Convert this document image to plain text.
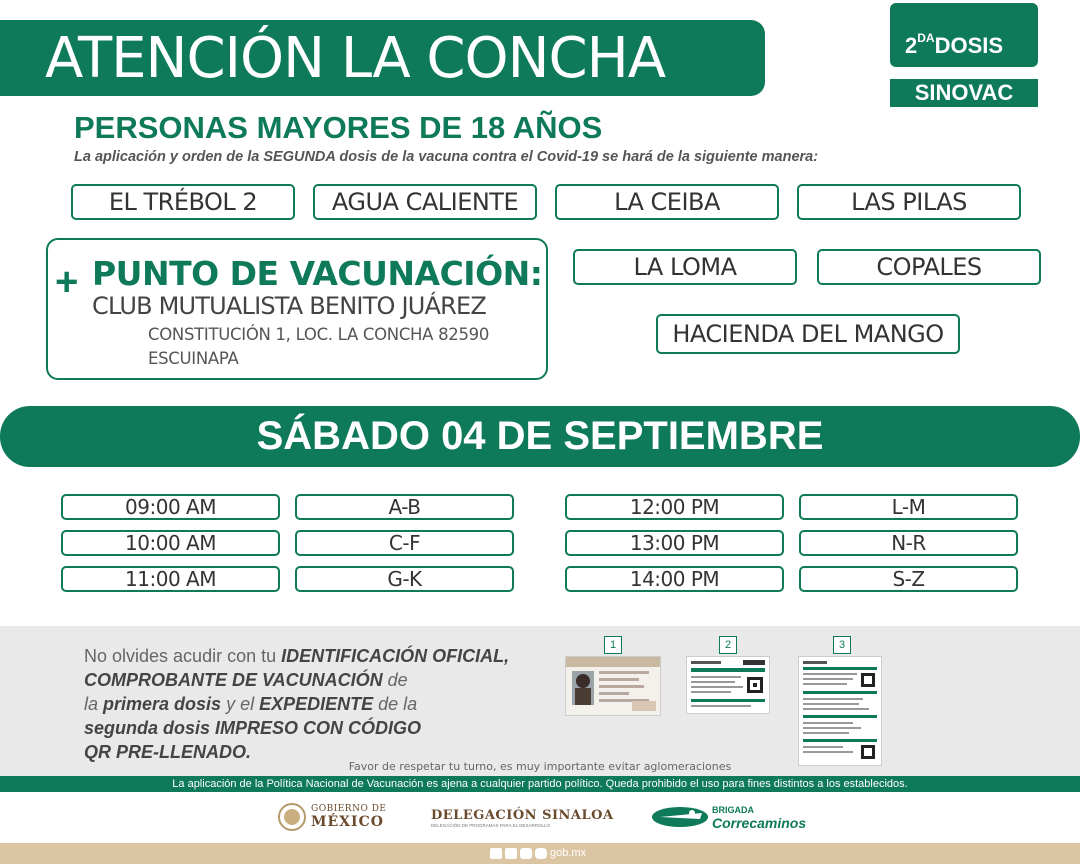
ATENCIÓN LA CONCHA	$2^{DA}DOSIS$
SINOVAC
PERSONAS MAYORES DE 18 AÑOS
La aplicación y orden de la SEGUNDA dosis de la vacuna contra el Covid-19 se hará de la siguiente manera:
EL TRÉBOL 2	AGUA CALIENTE	LA CEIBA	LAS PILAS
LA LOMA	COPALES
HACIENDA DEL MANGO
+ PUNTO DE VACUNACIÓN:
CLUB MUTUALISTA BENITO JUÁREZ
CONSTITUCIÓN 1, LOC. LA CONCHA 82590
ESCUINAPA
SÁBADO 04 DE SEPTIEMBRE
09:00 AM	A-B
10:00 AM	C-F
11:00 AM	G-K
12:00 PM	L-M
13:00 PM	N-R
14:00 PM	S-Z
No olvides acudir con tu IDENTIFICACIÓN OFICIAL,
COMPROBANTE DE VACUNACIÓN de
la primera dosis y el EXPEDIENTE de la
segunda dosis IMPRESO CON CÓDIGO
QR PRE-LLENADO.
1	2	3
Favor de respetar tu turno, es muy importante evitar aglomeraciones
La aplicación de la Política Nacional de Vacunación es ajena a cualquier partido político. Queda prohibido el uso para fines distintos a los establecidos.
GOBIERNO DE
MÉXICO	DELEGACIÓN SINALOA
DELEGACIÓN DE PROGRAMAS PARA EL DESARROLLO
BRIGADA
Correcaminos
gob.mx
